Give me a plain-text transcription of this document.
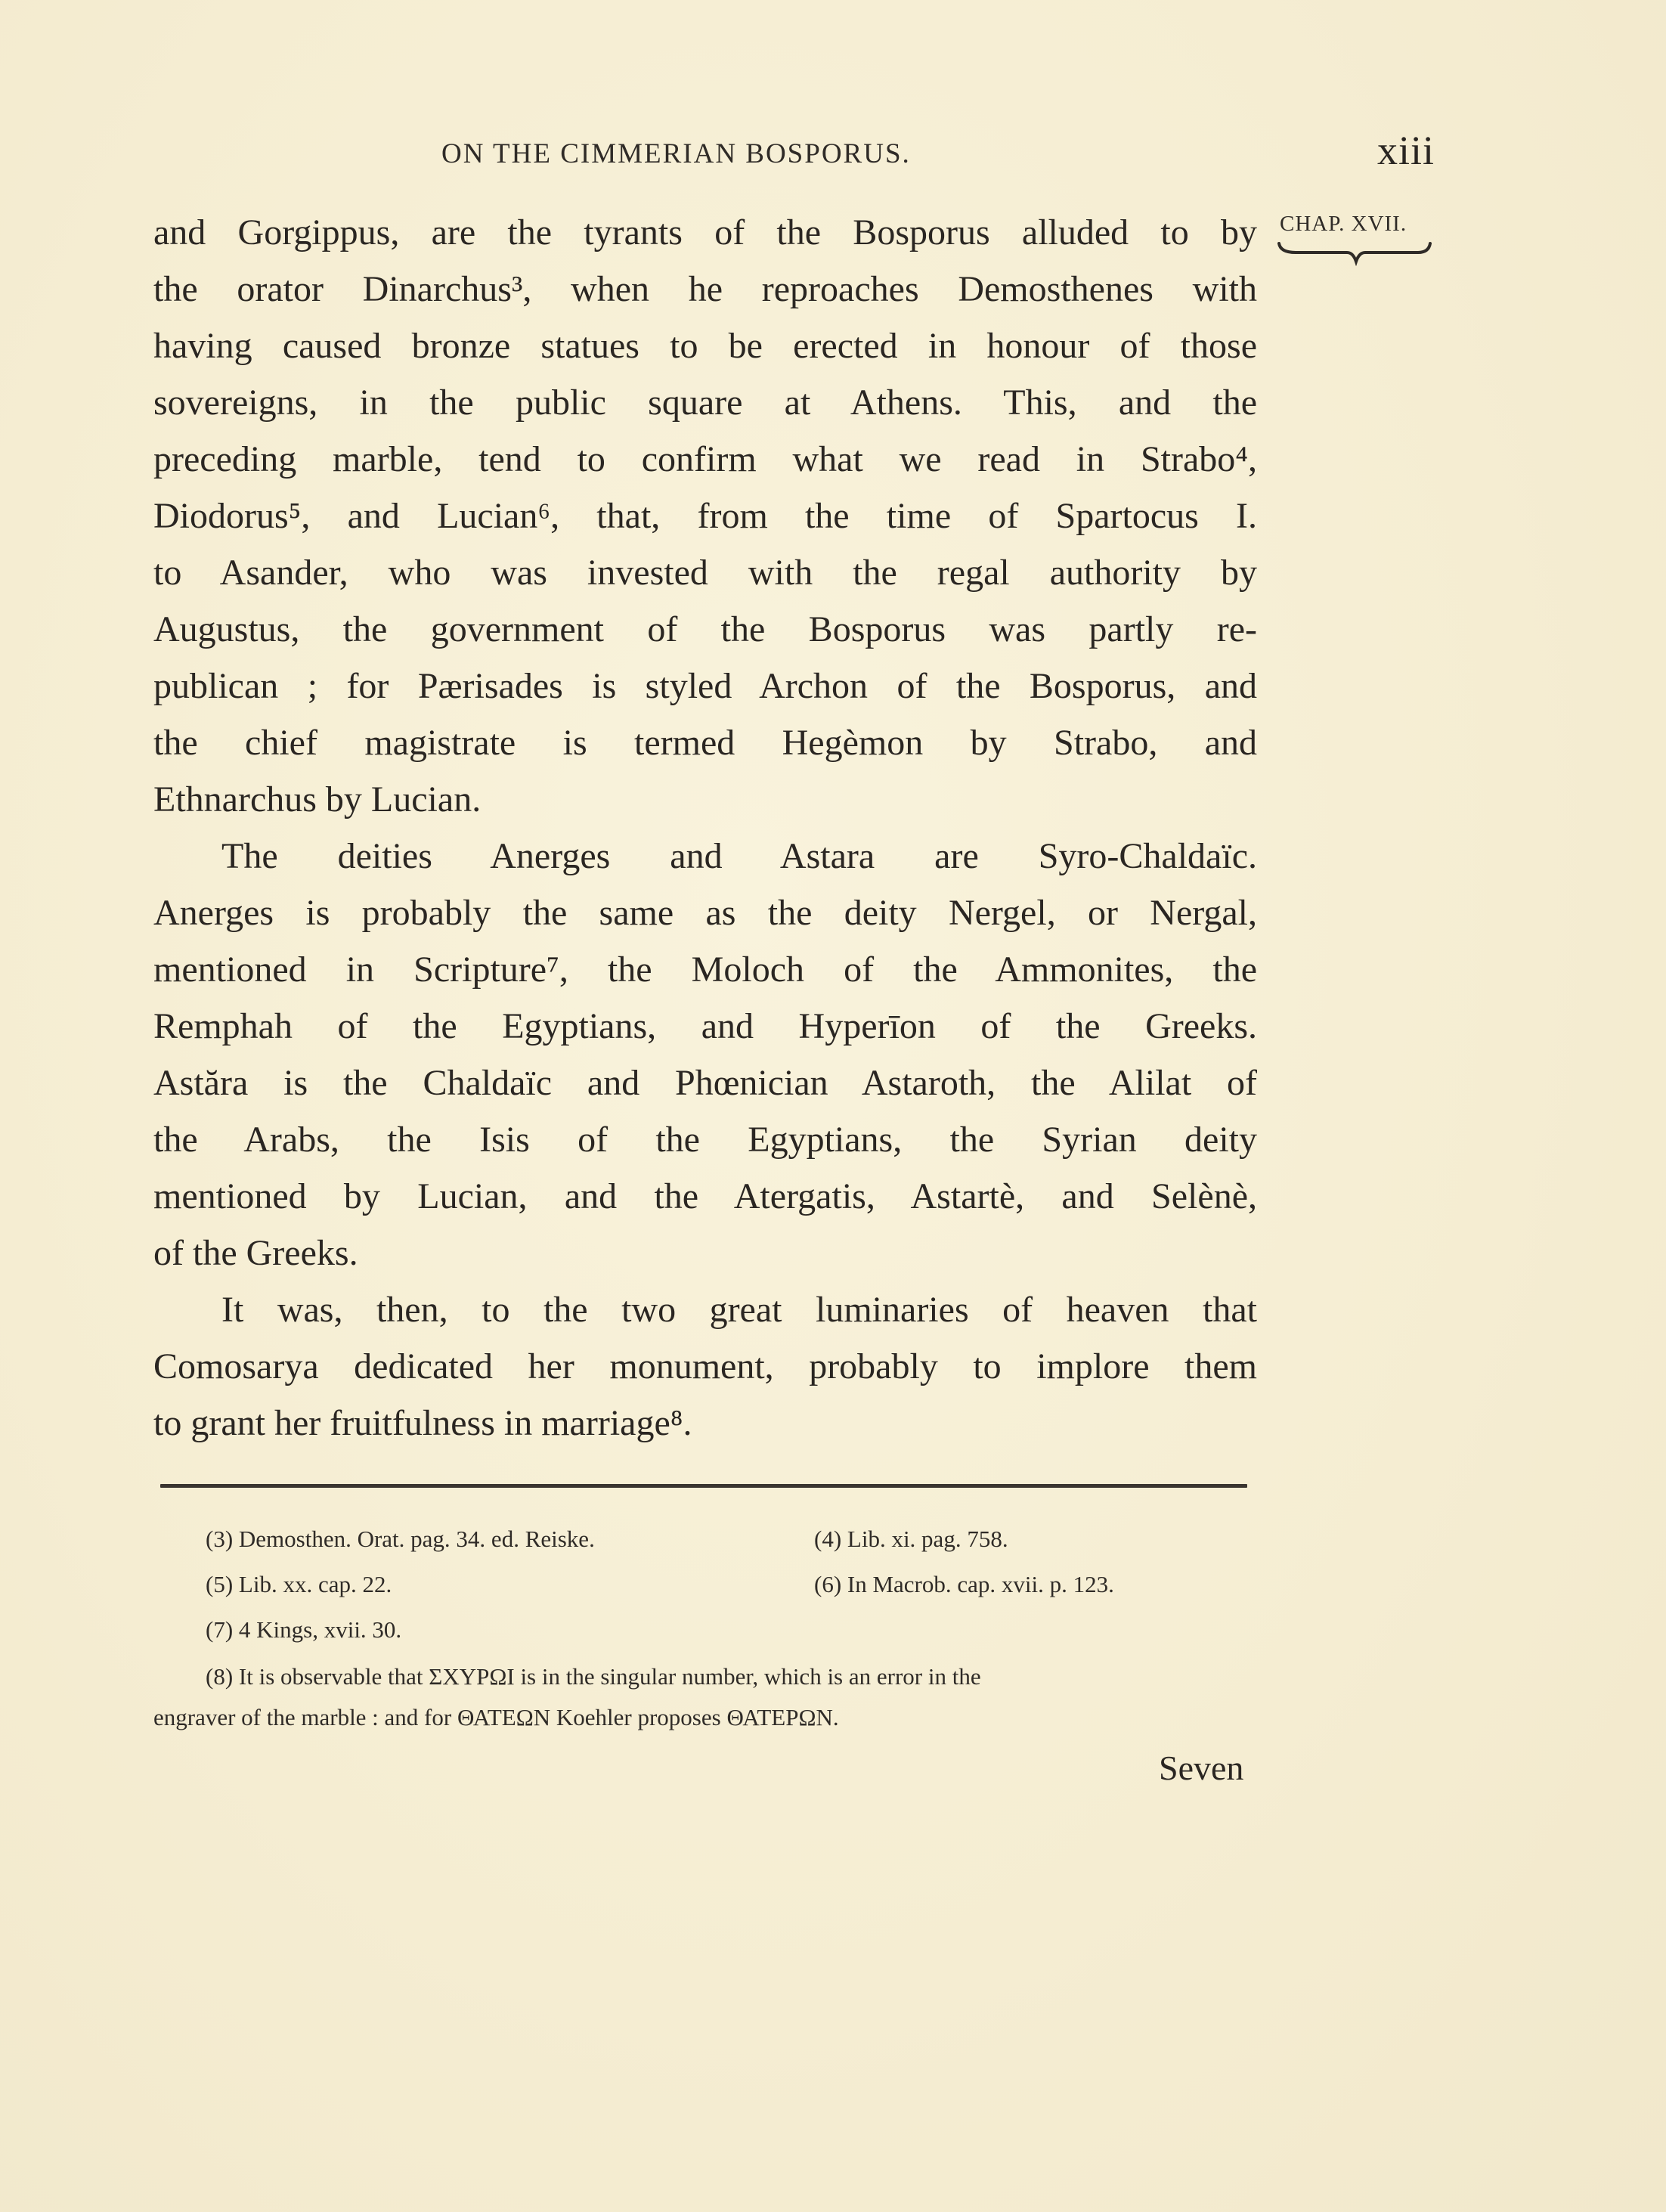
ON THE CIMMERIAN BOSPORUS.	xiii
CHAP. XVII.
and Gorgippus, are the tyrants of the Bosporus alluded to by
the orator Dinarchus³, when he reproaches Demosthenes with
having caused bronze statues to be erected in honour of those
sovereigns, in the public square at Athens. This, and the
preceding marble, tend to confirm what we read in Strabo⁴,
Diodorus⁵, and Lucian⁶, that, from the time of Spartocus I.
to Asander, who was invested with the regal authority by
Augustus, the government of the Bosporus was partly re-
publican ; for Pærisades is styled Archon of the Bosporus, and
the chief magistrate is termed Hegèmon by Strabo, and
Ethnarchus by Lucian.
The deities Anerges and Astara are Syro-Chaldaïc.
Anerges is probably the same as the deity Nergel, or Nergal,
mentioned in Scripture⁷, the Moloch of the Ammonites, the
Remphah of the Egyptians, and Hyperīon of the Greeks.
Astăra is the Chaldaïc and Phœnician Astaroth, the Alilat of
the Arabs, the Isis of the Egyptians, the Syrian deity
mentioned by Lucian, and the Atergatis, Astartè, and Selènè,
of the Greeks.
It was, then, to the two great luminaries of heaven that
Comosarya dedicated her monument, probably to implore them
to grant her fruitfulness in marriage⁸.
(3) Demosthen. Orat. pag. 34. ed. Reiske.	(4) Lib. xi. pag. 758.
(5) Lib. xx. cap. 22.	(6) In Macrob. cap. xvii. p. 123.
(7) 4 Kings, xvii. 30.
(8) It is observable that ΣΧΥΡΩΙ is in the singular number, which is an error in the
engraver of the marble : and for ΘΑΤΕΩΝ Koehler proposes ΘΑΤΕΡΩΝ.
Seven
